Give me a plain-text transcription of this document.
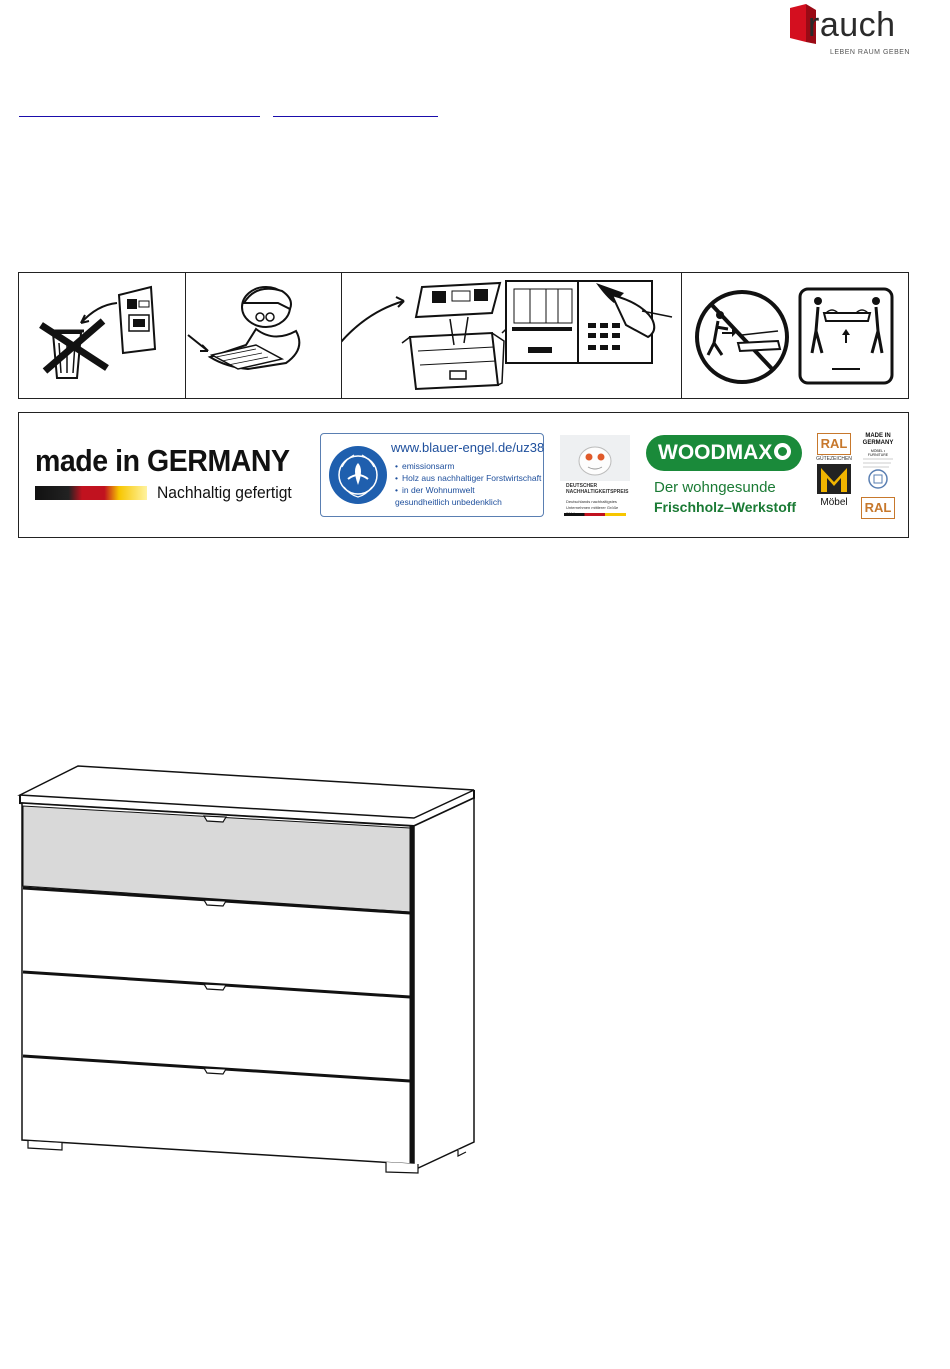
rauch
LEBEN RAUM GEBEN
made in GERMANY
Nachhaltig gefertigt
www.blauer-engel.de/uz38
• emissionsarm
• Holz aus nachhaltiger Forstwirtschaft
• in der Wohnumwelt gesundheitlich unbedenklich
DEUTSCHER NACHHALTIGKEITSPREIS
Deutschlands nachhaltigstes Unternehmen mittlerer Größe
WOODMAX
Der wohngesunde
Frischholz–Werkstoff
RAL
GÜTEZEICHEN
Möbel
MADE IN GERMANY
MÖBEL • FURNITURE
RAL
